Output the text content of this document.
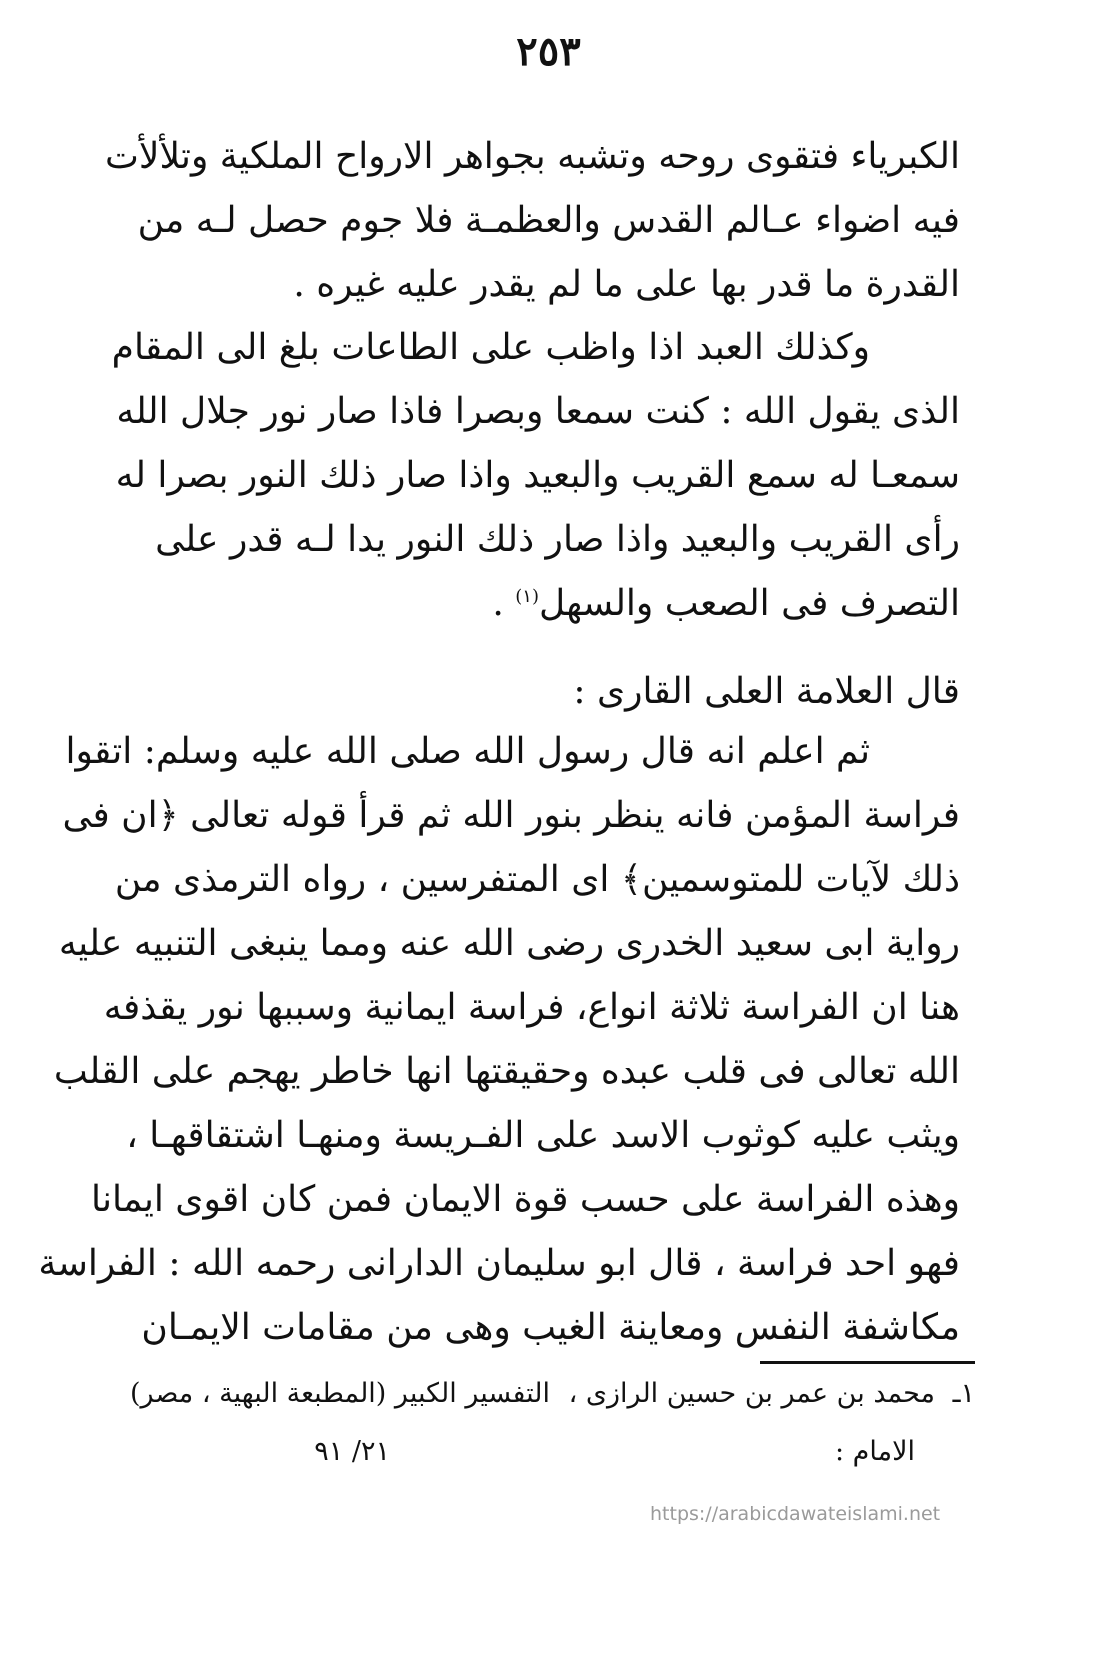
٢٥٣
الكبرياء فتقوى روحه وتشبه بجواهر الارواح الملكية وتلألأت
فيه اضواء عـالم القدس والعظمـة فلا جوم حصل لـه من
القدرة ما قدر بها على ما لم يقدر عليه غيره .
وكذلك العبد اذا واظب على الطاعات بلغ الى المقام
الذى يقول الله : كنت سمعا وبصرا فاذا صار نور جلال الله
سمعـا له سمع القريب والبعيد واذا صار ذلك النور بصرا له
رأى القريب والبعيد واذا صار ذلك النور يدا لـه قدر على
التصرف فى الصعب والسهل$^{(١)}$ .
قال العلامة العلى القارى :
ثم اعلم انه قال رسول الله صلى الله عليه وسلم: اتقوا
فراسة المؤمن فانه ينظر بنور الله ثم قرأ قوله تعالى ﴿ان فى
ذلك لآيات للمتوسمين﴾ اى المتفرسين ، رواه الترمذى من
رواية ابى سعيد الخدرى رضى الله عنه ومما ينبغى التنبيه عليه
هنا ان الفراسة ثلاثة انواع، فراسة ايمانية وسببها نور يقذفه
الله تعالى فى قلب عبده وحقيقتها انها خاطر يهجم على القلب
ويثب عليه كوثوب الاسد على الفـريسة ومنهـا اشتقاقهـا ،
وهذه الفراسة على حسب قوة الايمان فمن كان اقوى ايمانا
فهو احد فراسة ، قال ابو سليمان الدارانى رحمه الله : الفراسة
مكاشفة النفس ومعاينة الغيب وهى من مقامات الايمـان
١ـ
محمد بن عمر بن حسين الرازى ،
التفسير الكبير (المطبعة البهية ، مصر)
الامام :
٢١/ ٩١
https://arabicdawateislami.net
